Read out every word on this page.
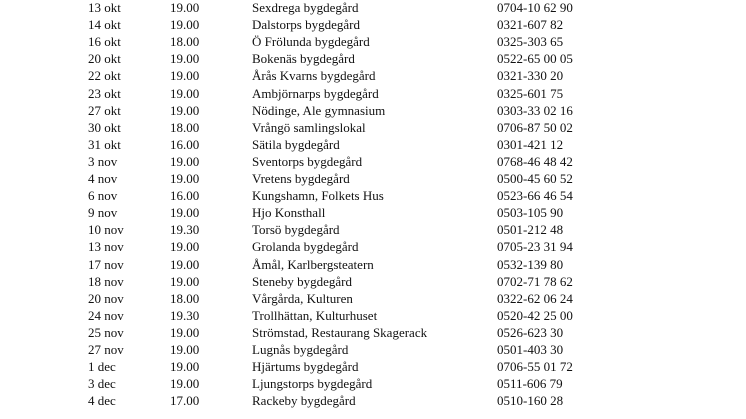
13 okt	19.00	Sexdrega bygdegård	0704-10 62 90
14 okt	19.00	Dalstorps bygdegård	0321-607 82
16 okt	18.00	Ö Frölunda bygdegård	0325-303 65
20 okt	19.00	Bokenäs bygdegård	0522-65 00 05
22 okt	19.00	Årås Kvarns bygdegård	0321-330 20
23 okt	19.00	Ambjörnarps bygdegård	0325-601 75
27 okt	19.00	Nödinge, Ale gymnasium	0303-33 02 16
30 okt	18.00	Vrångö samlingslokal	0706-87 50 02
31 okt	16.00	Sätila bygdegård	0301-421 12
3 nov	19.00	Sventorps bygdegård	0768-46 48 42
4 nov	19.00	Vretens bygdegård	0500-45 60 52
6 nov	16.00	Kungshamn, Folkets Hus	0523-66 46 54
9 nov	19.00	Hjo Konsthall	0503-105 90
10 nov	19.30	Torsö bygdegård	0501-212 48
13 nov	19.00	Grolanda bygdegård	0705-23 31 94
17 nov	19.00	Åmål, Karlbergsteatern	0532-139 80
18 nov	19.00	Steneby bygdegård	0702-71 78 62
20 nov	18.00	Vårgårda, Kulturen	0322-62 06 24
24 nov	19.30	Trollhättan, Kulturhuset	0520-42 25 00
25 nov	19.00	Strömstad, Restaurang Skagerack	0526-623 30
27 nov	19.00	Lugnås bygdegård	0501-403 30
1 dec	19.00	Hjärtums bygdegård	0706-55 01 72
3 dec	19.00	Ljungstorps bygdegård	0511-606 79
4 dec	17.00	Rackeby bygdegård	0510-160 28
